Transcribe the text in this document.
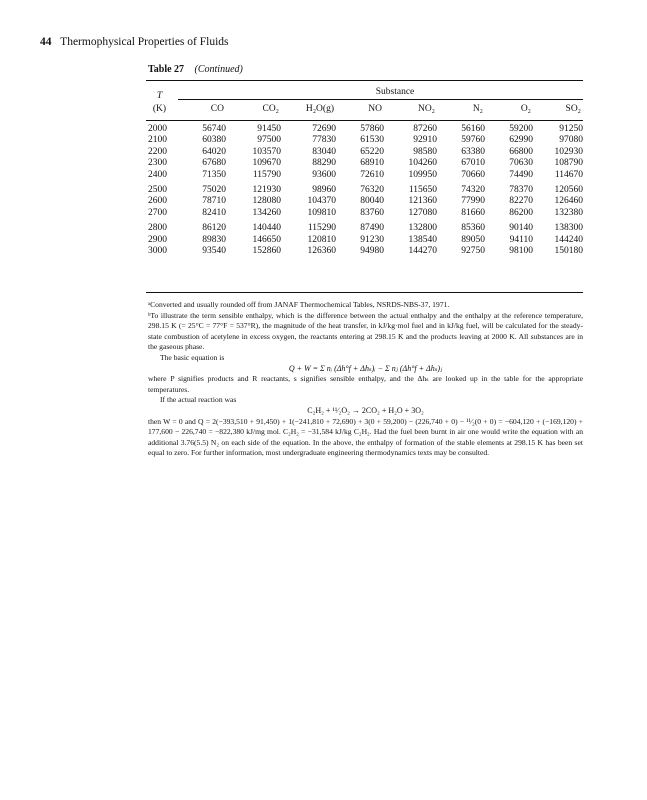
44 Thermophysical Properties of Fluids
Table 27 (Continued)
Substance
T
(K)	CO	CO₂	H₂O(g)	NO	NO₂	N₂	O₂	SO₂
2000	56740	91450	72690	57860	87260	56160	59200	91250
2100	60380	97500	77830	61530	92910	59760	62990	97080
2200	64020	103570	83040	65220	98580	63380	66800	102930
2300	67680	109670	88290	68910	104260	67010	70630	108790
2400	71350	115790	93600	72610	109950	70660	74490	114670
2500	75020	121930	98960	76320	115650	74320	78370	120560
2600	78710	128080	104370	80040	121360	77990	82270	126460
2700	82410	134260	109810	83760	127080	81660	86200	132380
2800	86120	140440	115290	87490	132800	85360	90140	138300
2900	89830	146650	120810	91230	138540	89050	94110	144240
3000	93540	152860	126360	94980	144270	92750	98100	150180

ᵃConverted and usually rounded off from JANAF Thermochemical Tables, NSRDS-NBS-37, 1971.

ᵇTo illustrate the term sensible enthalpy, which is the difference between the actual enthalpy and the enthalpy at the reference temperature, 298.15 K (= 25°C = 77°F = 537°R), the magnitude of the heat transfer, in kJ/kg·mol fuel and in kJ/kg fuel, will be calculated for the steady-state combustion of acetylene in excess oxygen, the reactants entering at 298.15 K and the products leaving at 2000 K. All substances are in the gaseous phase.

The basic equation is

Q + W = Σ nᵢ (Δh°f + Δhₛ)ᵢ − Σ nⱼ (Δh°f + Δhₛ)ⱼ

where P signifies products and R reactants, s signifies sensible enthalpy, and the Δhₛ are looked up in the table for the appropriate temperatures.

If the actual reaction was

C₂H₂ + ¹¹⁄₂O₂ → 2CO₂ + H₂O + 3O₂

then W = 0 and Q = 2(−393,510 + 91,450) + 1(−241,810 + 72,690) + 3(0 + 59,200) − (226,740 + 0) − ¹¹⁄₂(0 + 0) = −604,120 + (−169,120) + 177,600 − 226,740 = −822,380 kJ/mg mol. C₂H₂ = −31,584 kJ/kg C₂H₂. Had the fuel been burnt in air one would write the equation with an additional 3.76(5.5) N₂ on each side of the equation. In the above, the enthalpy of formation of the stable elements at 298.15 K has been set equal to zero. For further information, most undergraduate engineering thermodynamics texts may be consulted.
